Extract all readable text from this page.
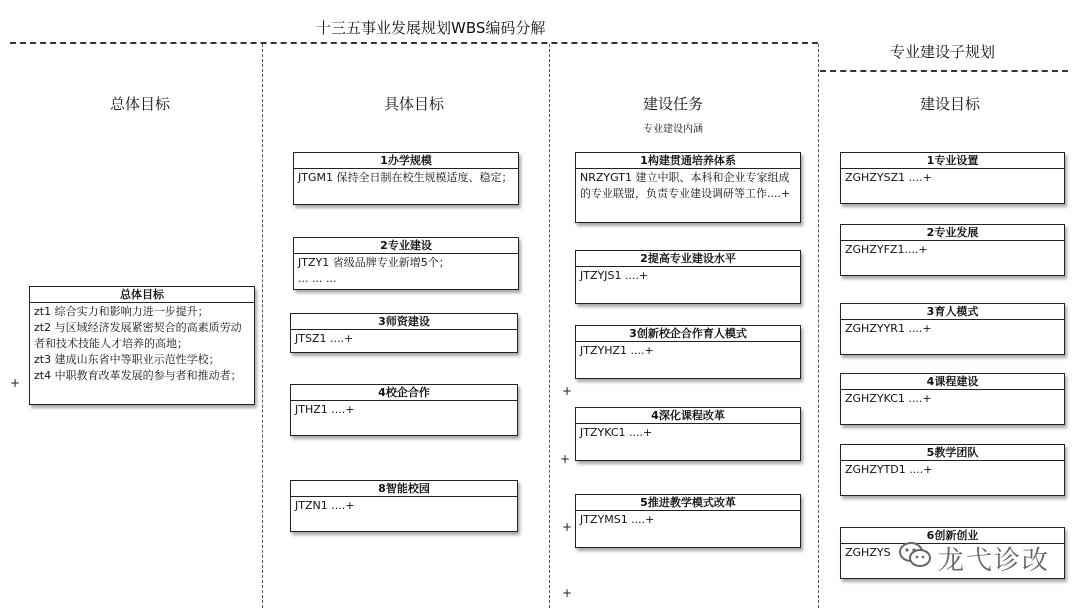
十三五事业发展规划WBS编码分解
专业建设子规划
总体目标	具体目标	建设任务
专业建设内涵
建设目标
总体目标
zt1 综合实力和影响力进一步提升；
zt2 与区域经济发展紧密契合的高素质劳动者和技术技能人才培养的高地；
zt3 建成山东省中等职业示范性学校；
zt4 中职教育改革发展的参与者和推动者；
+
1办学规模
JTGM1 保持全日制在校生规模适度、稳定；
2专业建设
JTZY1 省级品牌专业新增5个；
... ... ...
3师资建设
JTSZ1 ....+
4校企合作
JTHZ1 ....+
8智能校园
JTZN1 ....+
1构建贯通培养体系
NRZYGT1 建立中职、本科和企业专家组成的专业联盟，负责专业建设调研等工作....+
2提高专业建设水平
JTZYJS1 ....+
3创新校企合作育人模式
JTZYHZ1 ....+
4深化课程改革
JTZYKC1 ....+
5推进教学模式改革
JTZYMS1 ....+
+
+
+
+
1专业设置
ZGHZYSZ1 ....+
2专业发展
ZGHZYFZ1....+
3育人模式
ZGHZYYR1 ....+
4课程建设
ZGHZYKC1 ....+
5教学团队
ZGHZYTD1 ....+
6创新创业
ZGHZYS	龙弋诊改
